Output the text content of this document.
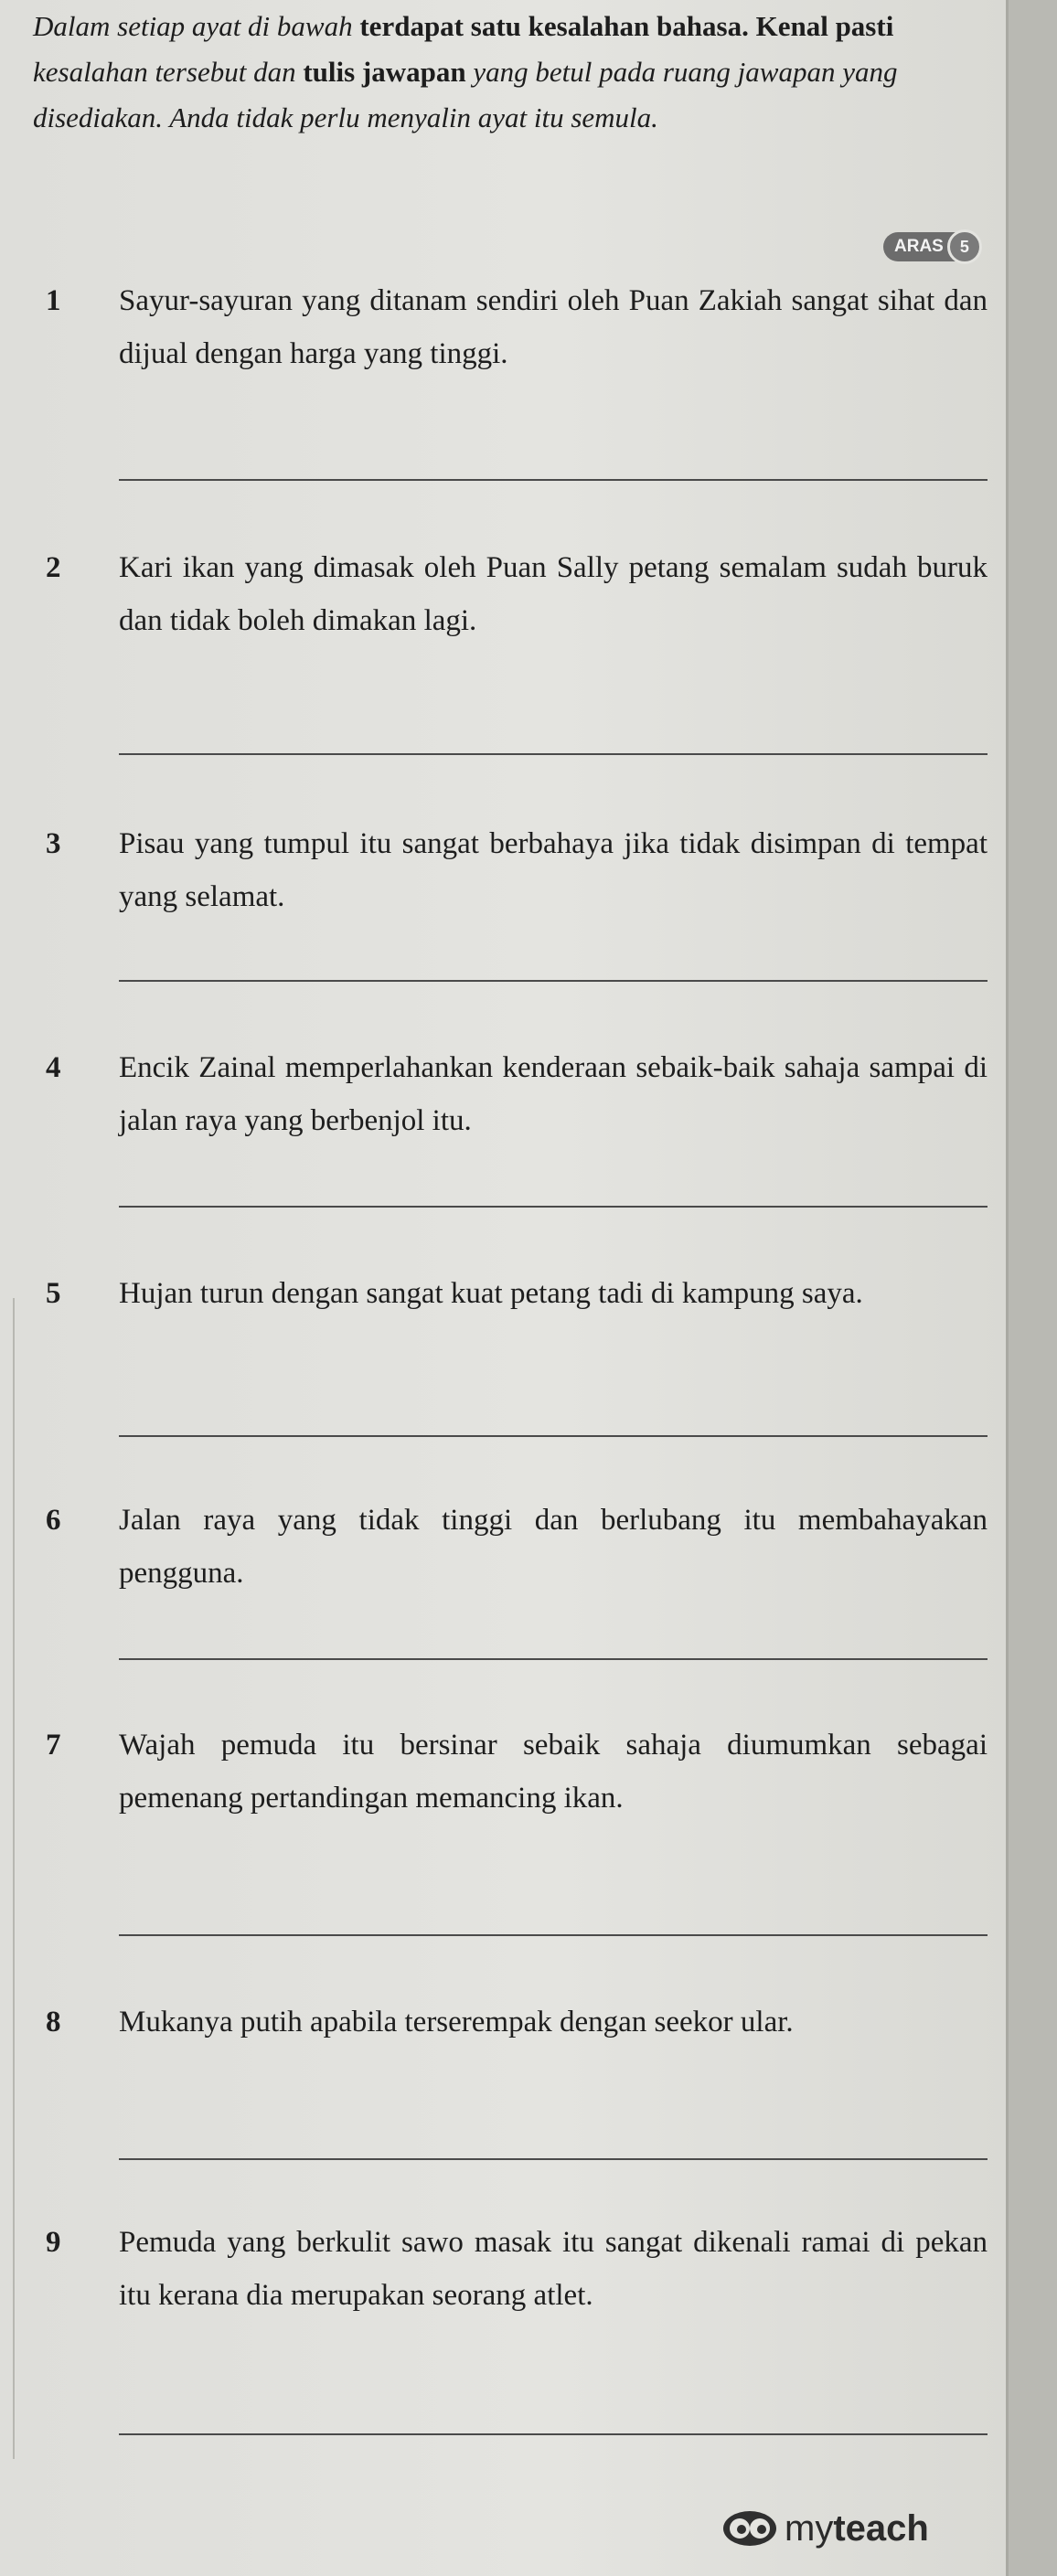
Dalam setiap ayat di bawah terdapat satu kesalahan bahasa. Kenal pasti kesalahan tersebut dan tulis jawapan yang betul pada ruang jawapan yang disediakan. Anda tidak perlu menyalin ayat itu semula.

ARAS 5
1 Sayur-sayuran yang ditanam sendiri oleh Puan Zakiah sangat sihat dan dijual dengan harga yang tinggi.

2 Kari ikan yang dimasak oleh Puan Sally petang semalam sudah buruk dan tidak boleh dimakan lagi.

3 Pisau yang tumpul itu sangat berbahaya jika tidak disimpan di tempat yang selamat.

4 Encik Zainal memperlahankan kenderaan sebaik-baik sahaja sampai di jalan raya yang berbenjol itu.

5 Hujan turun dengan sangat kuat petang tadi di kampung saya.

6 Jalan raya yang tidak tinggi dan berlubang itu membahayakan pengguna.

7 Wajah pemuda itu bersinar sebaik sahaja diumumkan sebagai pemenang pertandingan memancing ikan.

8 Mukanya putih apabila terserempak dengan seekor ular.

9 Pemuda yang berkulit sawo masak itu sangat dikenali ramai di pekan itu kerana dia merupakan seorang atlet.

myteach
